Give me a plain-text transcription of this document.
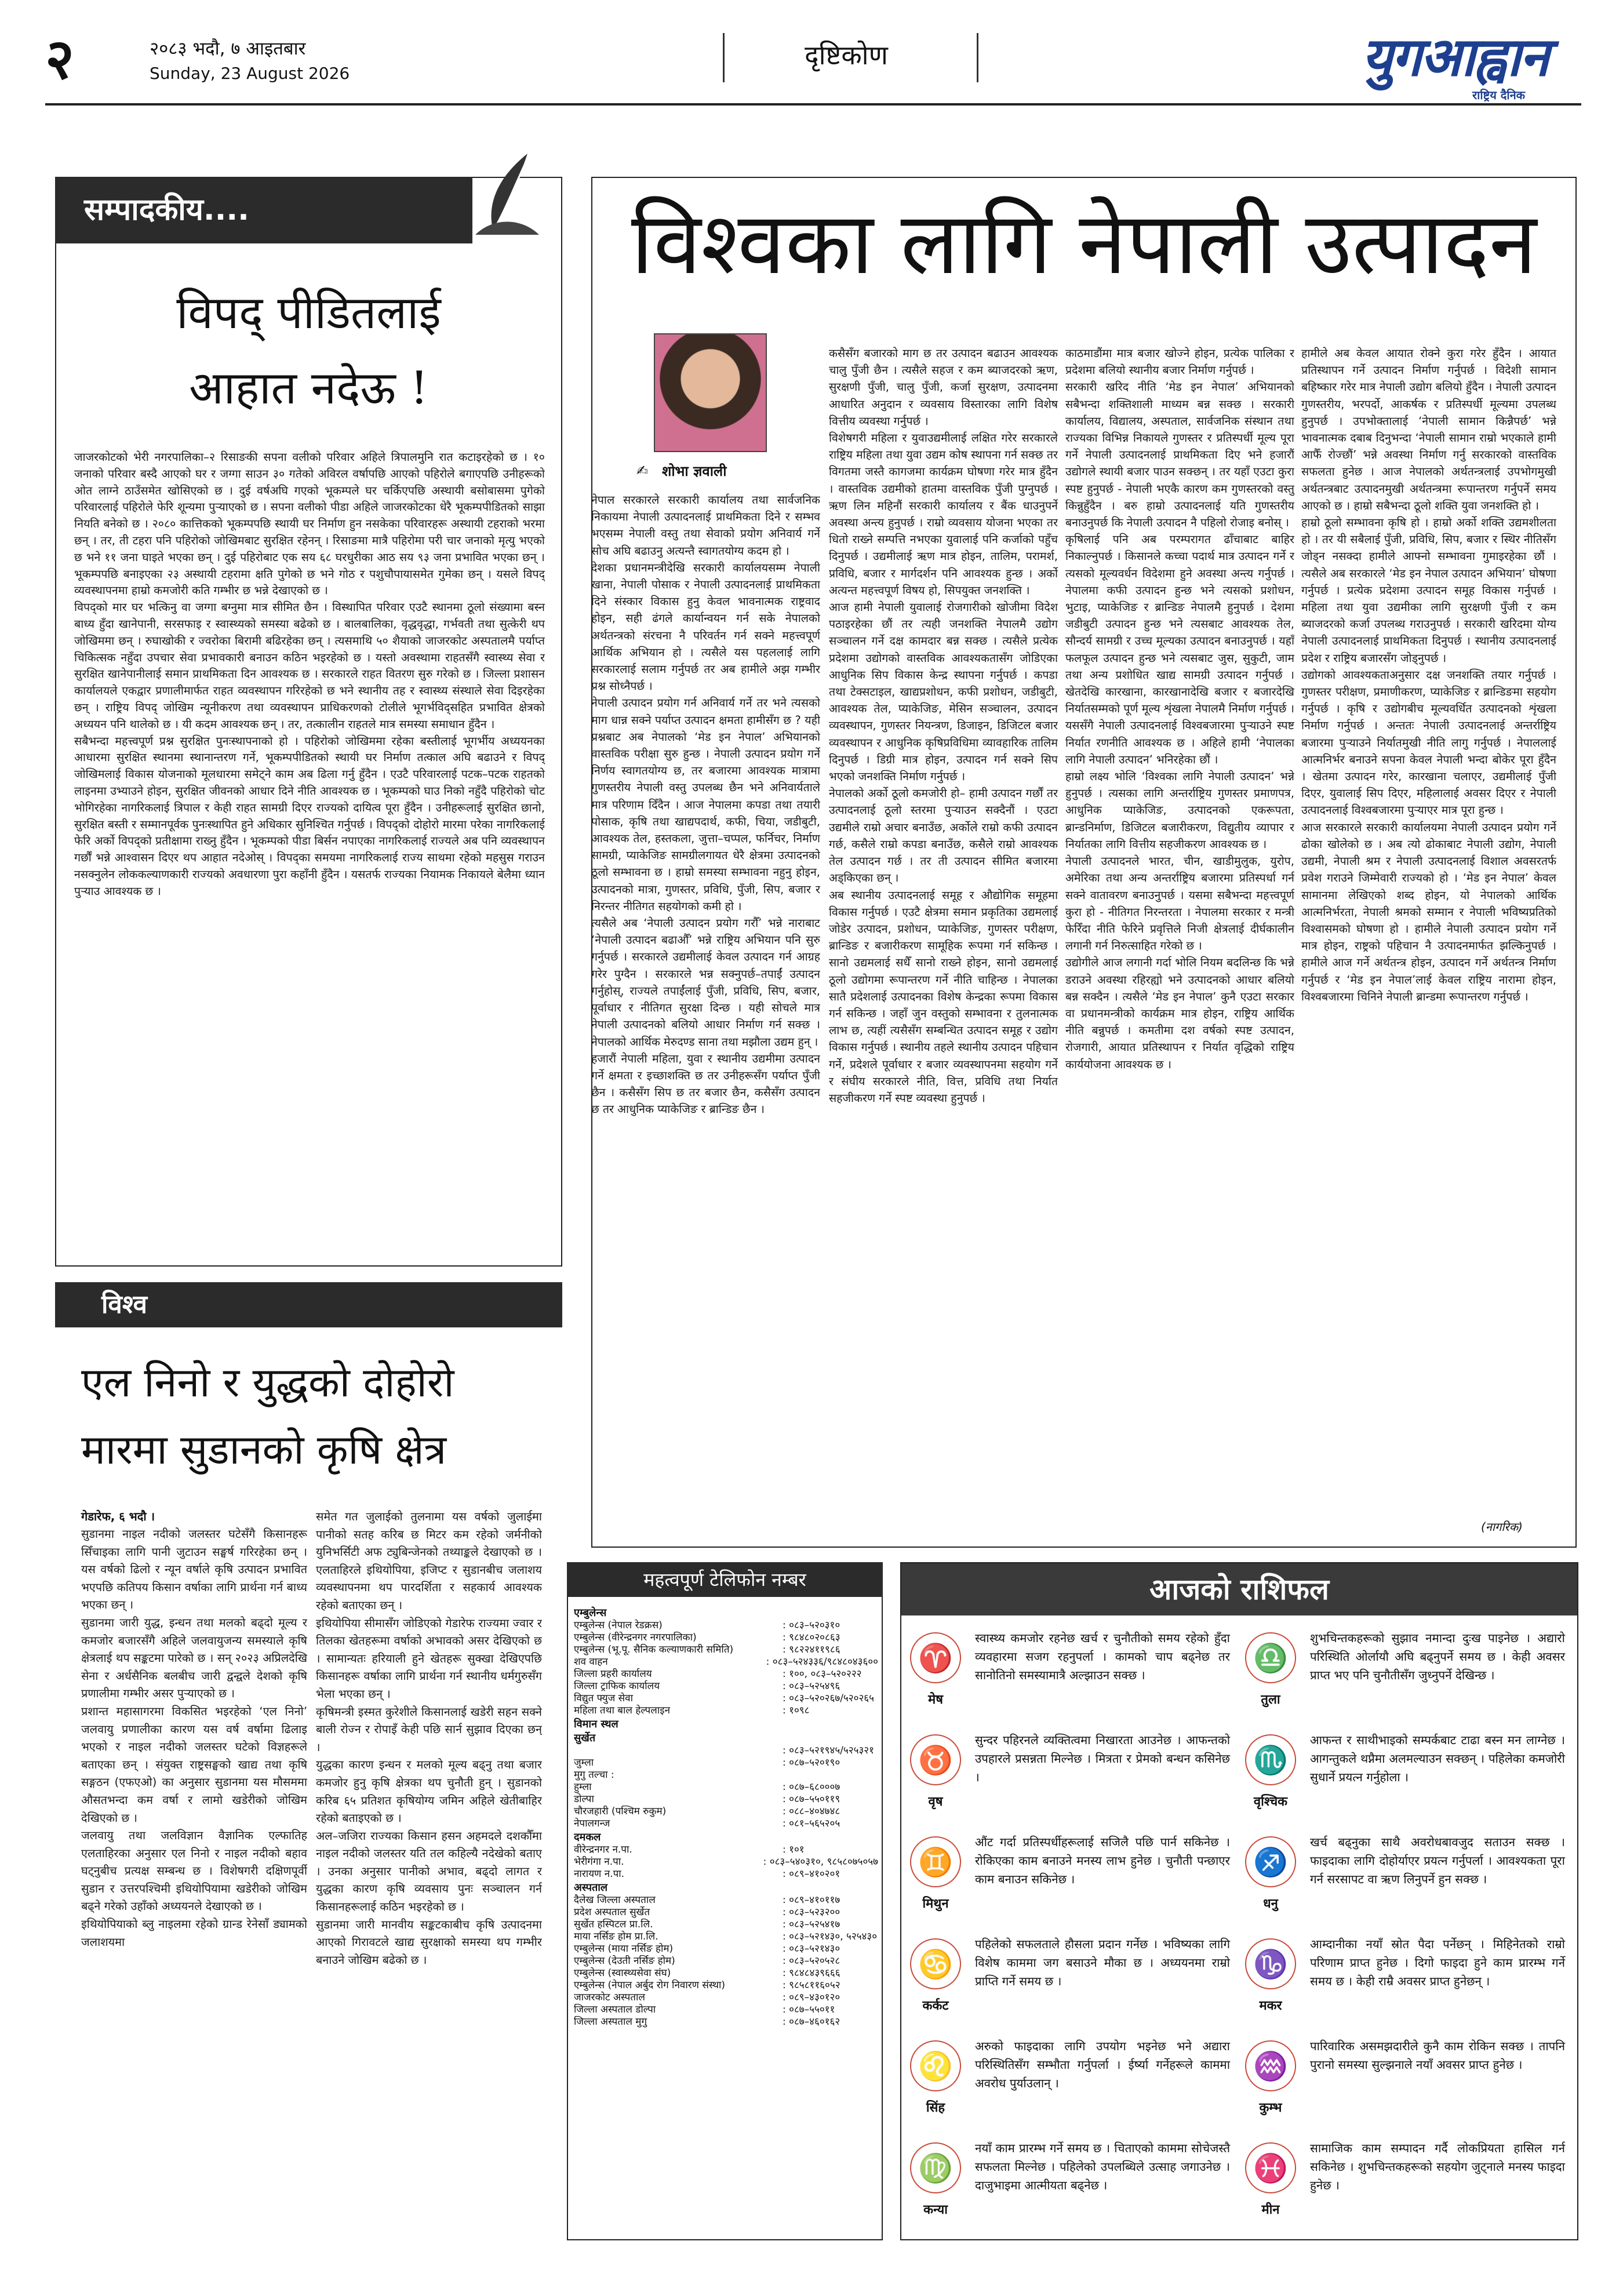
२	२०८३ भदौ, ७ आइतबार
Sunday, 23 August 2026
दृष्टिकोण	युगआह्वान
राष्ट्रिय दैनिक
सम्पादकीय....
विपद् पीडितलाई
आहात नदेऊ !
जाजरकोटको भेरी नगरपालिका–२ रिसाङकी सपना वलीको परिवार अहिले त्रिपालमुनि रात कटाइरहेको छ । १० जनाको परिवार बस्दै आएको घर र जग्गा साउन ३० गतेको अविरल वर्षापछि आएको पहिरोले बगाएपछि उनीहरूको ओत लाग्ने ठाउँसमेत खोसिएको छ । दुई वर्षअघि गएको भूकम्पले घर चर्किएपछि अस्थायी बसोबासमा पुगेको परिवारलाई पहिरोले फेरि शून्यमा पुऱ्याएको छ । सपना वलीको पीडा अहिले जाजरकोटका धेरै भूकम्पपीडितको साझा नियति बनेको छ । २०८० कात्तिकको भूकम्पपछि स्थायी घर निर्माण हुन नसकेका परिवारहरू अस्थायी टहराको भरमा छन् । तर, ती टहरा पनि पहिरोको जोखिमबाट सुरक्षित रहेनन् । रिसाङमा मात्रै पहिरोमा परी चार जनाको मृत्यु भएको छ भने ११ जना घाइते भएका छन् । दुई पहिरोबाट एक सय ६८ घरधुरीका आठ सय ९३ जना प्रभावित भएका छन् । भूकम्पपछि बनाइएका २३ अस्थायी टहरामा क्षति पुगेको छ भने गोठ र पशुचौपायासमेत गुमेका छन् । यसले विपद् व्यवस्थापनमा हाम्रो कमजोरी कति गम्भीर छ भन्ने देखाएको छ ।
विपद्को मार घर भत्किनु वा जग्गा बग्नुमा मात्र सीमित छैन । विस्थापित परिवार एउटै स्थानमा ठूलो संख्यामा बस्न बाध्य हुँदा खानेपानी, सरसफाइ र स्वास्थ्यको समस्या बढेको छ । बालबालिका, वृद्धवृद्धा, गर्भवती तथा सुत्केरी थप जोखिममा छन् । रुघाखोकी र ज्वरोका बिरामी बढिरहेका छन् । त्यसमाथि ५० शैयाको जाजरकोट अस्पतालमै पर्याप्त चिकित्सक नहुँदा उपचार सेवा प्रभावकारी बनाउन कठिन भइरहेको छ । यस्तो अवस्थामा राहतसँगै स्वास्थ्य सेवा र सुरक्षित खानेपानीलाई समान प्राथमिकता दिन आवश्यक छ । सरकारले राहत वितरण सुरु गरेको छ । जिल्ला प्रशासन कार्यालयले एकद्वार प्रणालीमार्फत राहत व्यवस्थापन गरिरहेको छ भने स्थानीय तह र स्वास्थ्य संस्थाले सेवा दिइरहेका छन् । राष्ट्रिय विपद् जोखिम न्यूनीकरण तथा व्यवस्थापन प्राधिकरणको टोलीले भूगर्भविद्सहित प्रभावित क्षेत्रको अध्ययन पनि थालेको छ । यी कदम आवश्यक छन् । तर, तत्कालीन राहतले मात्र समस्या समाधान हुँदैन ।
सबैभन्दा महत्त्वपूर्ण प्रश्न सुरक्षित पुनःस्थापनाको हो । पहिरोको जोखिममा रहेका बस्तीलाई भूगर्भीय अध्ययनका आधारमा सुरक्षित स्थानमा स्थानान्तरण गर्ने, भूकम्पपीडितको स्थायी घर निर्माण तत्काल अघि बढाउने र विपद् जोखिमलाई विकास योजनाको मूलधारमा समेट्ने काम अब ढिला गर्नु हुँदैन । एउटै परिवारलाई पटक–पटक राहतको लाइनमा उभ्याउने होइन, सुरक्षित जीवनको आधार दिने नीति आवश्यक छ । भूकम्पको घाउ निको नहुँदै पहिरोको चोट भोगिरहेका नागरिकलाई त्रिपाल र केही राहत सामग्री दिएर राज्यको दायित्व पूरा हुँदैन । उनीहरूलाई सुरक्षित छानो, सुरक्षित बस्ती र सम्मानपूर्वक पुनःस्थापित हुने अधिकार सुनिश्चित गर्नुपर्छ । विपद्को दोहोरो मारमा परेका नागरिकलाई फेरि अर्को विपद्को प्रतीक्षामा राख्नु हुँदैन । भूकम्पको पीडा बिर्सन नपाएका नागरिकलाई राज्यले अब पनि व्यवस्थापन गर्छौं भन्ने आश्वासन दिएर थप आहात नदेओस् । विपद्का समयमा नागरिकलाई राज्य साथमा रहेको महसुस गराउन नसक्नुलेन लोककल्याणकारी राज्यको अवधारणा पुरा कहाँनी हुँदैन । यसतर्फ राज्यका नियामक निकायले बेलैमा ध्यान पुऱ्याउ आवश्यक छ ।
विश्व
एल निनो र युद्धको दोहोरो
मारमा सुडानको कृषि क्षेत्र
गेडारेफ, ६ भदौ ।
सुडानमा नाइल नदीको जलस्तर घटेसँगै किसानहरू सिँचाइका लागि पानी जुटाउन सङ्घर्ष गरिरहेका छन् । यस वर्षको ढिलो र न्यून वर्षाले कृषि उत्पादन प्रभावित भएपछि कतिपय किसान वर्षाका लागि प्रार्थना गर्न बाध्य भएका छन् ।
सुडानमा जारी युद्ध, इन्धन तथा मलको बढ्दो मूल्य र कमजोर बजारसँगै अहिले जलवायुजन्य समस्याले कृषि क्षेत्रलाई थप सङ्कटमा पारेको छ । सन् २०२३ अप्रिलदेखि सेना र अर्धसैनिक बलबीच जारी द्वन्द्वले देशको कृषि प्रणालीमा गम्भीर असर पुऱ्याएको छ ।
प्रशान्त महासागरमा विकसित भइरहेको ‘एल निनो’ जलवायु प्रणालीका कारण यस वर्ष वर्षामा ढिलाइ भएको र नाइल नदीको जलस्तर घटेको विज्ञहरूले बताएका छन् । संयुक्त राष्ट्रसङ्घको खाद्य तथा कृषि सङ्गठन (एफएओ) का अनुसार सुडानमा यस मौसममा औसतभन्दा कम वर्षा र लामो खडेरीको जोखिम देखिएको छ ।
जलवायु तथा जलविज्ञान वैज्ञानिक एल्फातिह एलताहिरका अनुसार एल निनो र नाइल नदीको बहाव घट्नुबीच प्रत्यक्ष सम्बन्ध छ । विशेषगरी दक्षिणपूर्वी सुडान र उत्तरपश्चिमी इथियोपियामा खडेरीको जोखिम बढ्ने गरेको उहाँको अध्ययनले देखाएको छ ।
इथियोपियाको ब्लु नाइलमा रहेको ग्रान्ड रेनेसाँ ड्यामको जलाशयमा
समेत गत जुलाईको तुलनामा यस वर्षको जुलाईमा पानीको सतह करिब छ मिटर कम रहेको जर्मनीको युनिभर्सिटी अफ ट्युबिन्जेनको तथ्याङ्कले देखाएको छ । एलताहिरले इथियोपिया, इजिप्ट र सुडानबीच जलाशय व्यवस्थापनमा थप पारदर्शिता र सहकार्य आवश्यक रहेको बताएका छन् ।
इथियोपिया सीमासँग जोडिएको गेडारेफ राज्यमा ज्वार र तिलका खेतहरूमा वर्षाको अभावको असर देखिएको छ । सामान्यतः हरियाली हुने खेतहरू सुक्खा देखिएपछि किसानहरू वर्षाका लागि प्रार्थना गर्न स्थानीय धर्मगुरुसँग भेला भएका छन् ।
कृषिमन्त्री इस्मत कुरेशीले किसानलाई खडेरी सहन सक्ने बाली रोज्न र रोपाइँ केही पछि सार्न सुझाव दिएका छन् ।
युद्धका कारण इन्धन र मलको मूल्य बढ्नु तथा बजार कमजोर हुनु कृषि क्षेत्रका थप चुनौती हुन् । सुडानको करिब ६५ प्रतिशत कृषियोग्य जमिन अहिले खेतीबाहिर रहेको बताइएको छ ।
अल–जजिरा राज्यका किसान हसन अहमदले दशकौँमा नाइल नदीको जलस्तर यति तल कहिल्यै नदेखेको बताए । उनका अनुसार पानीको अभाव, बढ्दो लागत र युद्धका कारण कृषि व्यवसाय पुनः सञ्चालन गर्न किसानहरूलाई कठिन भइरहेको छ ।
सुडानमा जारी मानवीय सङ्कटकाबीच कृषि उत्पादनमा आएको गिरावटले खाद्य सुरक्षाको समस्या थप गम्भीर बनाउने जोखिम बढेको छ ।
विश्वका लागि नेपाली उत्पादन
✍ शोभा ज्ञवाली
नेपाल सरकारले सरकारी कार्यालय तथा सार्वजनिक निकायमा नेपाली उत्पादनलाई प्राथमिकता दिने र सम्भव भएसम्म नेपाली वस्तु तथा सेवाको प्रयोग अनिवार्य गर्ने सोच अघि बढाउनु अत्यन्तै स्वागतयोग्य कदम हो ।
देशका प्रधानमन्त्रीदेखि सरकारी कार्यालयसम्म नेपाली खाना, नेपाली पोसाक र नेपाली उत्पादनलाई प्राथमिकता दिने संस्कार विकास हुनु केवल भावनात्मक राष्ट्रवाद होइन, सही ढंगले कार्यान्वयन गर्न सके नेपालको अर्थतन्त्रको संरचना नै परिवर्तन गर्न सक्ने महत्त्वपूर्ण आर्थिक अभियान हो । त्यसैले यस पहललाई लागि सरकारलाई सलाम गर्नुपर्छ तर अब हामीले अझ गम्भीर प्रश्न सोध्नैपर्छ ।
नेपाली उत्पादन प्रयोग गर्न अनिवार्य गर्ने तर भने त्यसको माग धान्न सक्ने पर्याप्त उत्पादन क्षमता हामीसँग छ ? यही प्रश्नबाट अब नेपालको ‘मेड इन नेपाल’ अभियानको वास्तविक परीक्षा सुरु हुन्छ । नेपाली उत्पादन प्रयोग गर्ने निर्णय स्वागतयोग्य छ, तर बजारमा आवश्यक मात्रामा गुणस्तरीय नेपाली वस्तु उपलब्ध छैन भने अनिवार्यताले मात्र परिणाम दिँदैन । आज नेपालमा कपडा तथा तयारी पोसाक, कृषि तथा खाद्यपदार्थ, कफी, चिया, जडीबुटी, आवश्यक तेल, हस्तकला, जुत्ता–चप्पल, फर्निचर, निर्माण सामग्री, प्याकेजिङ सामग्रीलगायत धेरै क्षेत्रमा उत्पादनको ठूलो सम्भावना छ । हाम्रो समस्या सम्भावना नहुनु होइन, उत्पादनको मात्रा, गुणस्तर, प्रविधि, पुँजी, सिप, बजार र निरन्तर नीतिगत सहयोगको कमी हो ।
त्यसैले अब ‘नेपाली उत्पादन प्रयोग गरौँ’ भन्ने नाराबाट ‘नेपाली उत्पादन बढाऔँ’ भन्ने राष्ट्रिय अभियान पनि सुरु गर्नुपर्छ । सरकारले उद्यमीलाई केवल उत्पादन गर्न आग्रह गरेर पुग्दैन । सरकारले भन्न सक्नुपर्छ–तपाईं उत्पादन गर्नुहोस्, राज्यले तपाईंलाई पुँजी, प्रविधि, सिप, बजार, पूर्वाधार र नीतिगत सुरक्षा दिन्छ । यही सोचले मात्र नेपाली उत्पादनको बलियो आधार निर्माण गर्न सक्छ । नेपालको आर्थिक मेरुदण्ड साना तथा मझौला उद्यम हुन् ।
हजारौं नेपाली महिला, युवा र स्थानीय उद्यमीमा उत्पादन गर्ने क्षमता र इच्छाशक्ति छ तर उनीहरूसँग पर्याप्त पुँजी छैन । कसैसँग सिप छ तर बजार छैन, कसैसँग उत्पादन छ तर आधुनिक प्याकेजिङ र ब्रान्डिङ छैन ।
कसैसँग बजारको माग छ तर उत्पादन बढाउन आवश्यक चालु पुँजी छैन । त्यसैले सहज र कम ब्याजदरको ऋण, सुरक्षणी पुँजी, चालु पुँजी, कर्जा सुरक्षण, उत्पादनमा आधारित अनुदान र व्यवसाय विस्तारका लागि विशेष वित्तीय व्यवस्था गर्नुपर्छ ।
विशेषगरी महिला र युवाउद्यमीलाई लक्षित गरेर सरकारले राष्ट्रिय महिला तथा युवा उद्यम कोष स्थापना गर्न सक्छ तर विगतमा जस्तै कागजमा कार्यक्रम घोषणा गरेर मात्र हुँदैन । वास्तविक उद्यमीको हातमा वास्तविक पुँजी पुग्नुपर्छ । ऋण लिन महिनौं सरकारी कार्यालय र बैंक धाउनुपर्ने अवस्था अन्त्य हुनुपर्छ । राम्रो व्यवसाय योजना भएका तर धितो राख्ने सम्पत्ति नभएका युवालाई पनि कर्जाको पहुँच दिनुपर्छ । उद्यमीलाई ऋण मात्र होइन, तालिम, परामर्श, प्रविधि, बजार र मार्गदर्शन पनि आवश्यक हुन्छ । अर्को अत्यन्त महत्त्वपूर्ण विषय हो, सिपयुक्त जनशक्ति ।
आज हामी नेपाली युवालाई रोजगारीको खोजीमा विदेश पठाइरहेका छौं तर त्यही जनशक्ति नेपालमै उद्योग सञ्चालन गर्ने दक्ष कामदार बन्न सक्छ । त्यसैले प्रत्येक प्रदेशमा उद्योगको वास्तविक आवश्यकतासँग जोडिएका आधुनिक सिप विकास केन्द्र स्थापना गर्नुपर्छ । कपडा तथा टेक्सटाइल, खाद्यप्रशोधन, कफी प्रशोधन, जडीबुटी, आवश्यक तेल, प्याकेजिङ, मेसिन सञ्चालन, उत्पादन व्यवस्थापन, गुणस्तर नियन्त्रण, डिजाइन, डिजिटल बजार व्यवस्थापन र आधुनिक कृषिप्रविधिमा व्यावहारिक तालिम दिनुपर्छ । डिग्री मात्र होइन, उत्पादन गर्न सक्ने सिप भएको जनशक्ति निर्माण गर्नुपर्छ ।
नेपालको अर्को ठूलो कमजोरी हो– हामी उत्पादन गर्छौं तर उत्पादनलाई ठूलो स्तरमा पुऱ्याउन सक्दैनौं । एउटा उद्यमीले राम्रो अचार बनाउँछ, अर्कोले राम्रो कफी उत्पादन गर्छ, कसैले राम्रो कपडा बनाउँछ, कसैले राम्रो आवश्यक तेल उत्पादन गर्छ । तर ती उत्पादन सीमित बजारमा अड्किएका छन् ।
अब स्थानीय उत्पादनलाई समूह र औद्योगिक समूहमा विकास गर्नुपर्छ । एउटै क्षेत्रमा समान प्रकृतिका उद्यमलाई जोडेर उत्पादन, प्रशोधन, प्याकेजिङ, गुणस्तर परीक्षण, ब्रान्डिङ र बजारीकरण सामूहिक रूपमा गर्न सकिन्छ । सानो उद्यमलाई सधैँ सानो राख्ने होइन, सानो उद्यमलाई ठूलो उद्योगमा रूपान्तरण गर्ने नीति चाहिन्छ । नेपालका सातै प्रदेशलाई उत्पादनका विशेष केन्द्रका रूपमा विकास गर्न सकिन्छ । जहाँ जुन वस्तुको सम्भावना र तुलनात्मक लाभ छ, त्यहीं त्यसैसँग सम्बन्धित उत्पादन समूह र उद्योग विकास गर्नुपर्छ । स्थानीय तहले स्थानीय उत्पादन पहिचान गर्ने, प्रदेशले पूर्वाधार र बजार व्यवस्थापनमा सहयोग गर्ने र संघीय सरकारले नीति, वित्त, प्रविधि तथा निर्यात सहजीकरण गर्ने स्पष्ट व्यवस्था हुनुपर्छ ।
काठमाडौंमा मात्र बजार खोज्ने होइन, प्रत्येक पालिका र प्रदेशमा बलियो स्थानीय बजार निर्माण गर्नुपर्छ ।
सरकारी खरिद नीति ‘मेड इन नेपाल’ अभियानको सबैभन्दा शक्तिशाली माध्यम बन्न सक्छ । सरकारी कार्यालय, विद्यालय, अस्पताल, सार्वजनिक संस्थान तथा राज्यका विभिन्न निकायले गुणस्तर र प्रतिस्पर्धी मूल्य पूरा गर्ने नेपाली उत्पादनलाई प्राथमिकता दिए भने हजारौं उद्योगले स्थायी बजार पाउन सक्छन् । तर यहाँ एउटा कुरा स्पष्ट हुनुपर्छ - नेपाली भएकै कारण कम गुणस्तरको वस्तु किन्नुहुँदैन । बरु हाम्रो उत्पादनलाई यति गुणस्तरीय बनाउनुपर्छ कि नेपाली उत्पादन नै पहिलो रोजाइ बनोस् ।
कृषिलाई पनि अब परम्परागत ढाँचाबाट बाहिर निकाल्नुपर्छ । किसानले कच्चा पदार्थ मात्र उत्पादन गर्ने र त्यसको मूल्यवर्धन विदेशमा हुने अवस्था अन्त्य गर्नुपर्छ । नेपालमा कफी उत्पादन हुन्छ भने त्यसको प्रशोधन, भुटाइ, प्याकेजिङ र ब्रान्डिङ नेपालमै हुनुपर्छ । देशमा जडीबुटी उत्पादन हुन्छ भने त्यसबाट आवश्यक तेल, सौन्दर्य सामग्री र उच्च मूल्यका उत्पादन बनाउनुपर्छ । यहाँ फलफूल उत्पादन हुन्छ भने त्यसबाट जुस, सुकुटी, जाम तथा अन्य प्रशोधित खाद्य सामग्री उत्पादन गर्नुपर्छ । खेतदेखि कारखाना, कारखानादेखि बजार र बजारदेखि निर्यातसम्मको पूर्ण मूल्य शृंखला नेपालमै निर्माण गर्नुपर्छ । यससँगै नेपाली उत्पादनलाई विश्वबजारमा पुऱ्याउने स्पष्ट निर्यात रणनीति आवश्यक छ । अहिले हामी ‘नेपालका लागि नेपाली उत्पादन’ भनिरहेका छौं ।
हाम्रो लक्ष्य भोलि ‘विश्वका लागि नेपाली उत्पादन’ भन्ने हुनुपर्छ । त्यसका लागि अन्तर्राष्ट्रिय गुणस्तर प्रमाणपत्र, आधुनिक प्याकेजिङ, उत्पादनको एकरूपता, ब्रान्डनिर्माण, डिजिटल बजारीकरण, विद्युतीय व्यापार र निर्यातका लागि वित्तीय सहजीकरण आवश्यक छ ।
नेपाली उत्पादनले भारत, चीन, खाडीमुलुक, युरोप, अमेरिका तथा अन्य अन्तर्राष्ट्रिय बजारमा प्रतिस्पर्धा गर्न सक्ने वातावरण बनाउनुपर्छ । यसमा सबैभन्दा महत्त्वपूर्ण कुरा हो - नीतिगत निरन्तरता । नेपालमा सरकार र मन्त्री फेरिँदा नीति फेरिने प्रवृत्तिले निजी क्षेत्रलाई दीर्घकालीन लगानी गर्न निरुत्साहित गरेको छ ।
उद्योगीले आज लगानी गर्दा भोलि नियम बदलिन्छ कि भन्ने डराउने अवस्था रहिरह्यो भने उत्पादनको आधार बलियो बन्न सक्दैन । त्यसैले ‘मेड इन नेपाल’ कुनै एउटा सरकार वा प्रधानमन्त्रीको कार्यक्रम मात्र होइन, राष्ट्रिय आर्थिक नीति बन्नुपर्छ । कमतीमा दश वर्षको स्पष्ट उत्पादन, रोजगारी, आयात प्रतिस्थापन र निर्यात वृद्धिको राष्ट्रिय कार्ययोजना आवश्यक छ ।
हामीले अब केवल आयात रोक्ने कुरा गरेर हुँदैन । आयात प्रतिस्थापन गर्ने उत्पादन निर्माण गर्नुपर्छ । विदेशी सामान बहिष्कार गरेर मात्र नेपाली उद्योग बलियो हुँदैन । नेपाली उत्पादन गुणस्तरीय, भरपर्दो, आकर्षक र प्रतिस्पर्धी मूल्यमा उपलब्ध हुनुपर्छ । उपभोक्तालाई ‘नेपाली सामान किन्नैपर्छ’ भन्ने भावनात्मक दबाब दिनुभन्दा ‘नेपाली सामान राम्रो भएकाले हामी आफैँ रोज्छौं’ भन्ने अवस्था निर्माण गर्नु सरकारको वास्तविक सफलता हुनेछ । आज नेपालको अर्थतन्त्रलाई उपभोगमुखी अर्थतन्त्रबाट उत्पादनमुखी अर्थतन्त्रमा रूपान्तरण गर्नुपर्ने समय आएको छ । हाम्रो सबैभन्दा ठूलो शक्ति युवा जनशक्ति हो ।
हाम्रो ठूलो सम्भावना कृषि हो । हाम्रो अर्को शक्ति उद्यमशीलता हो । तर यी सबैलाई पुँजी, प्रविधि, सिप, बजार र स्थिर नीतिसँग जोड्न नसक्दा हामीले आफ्नो सम्भावना गुमाइरहेका छौं । त्यसैले अब सरकारले ‘मेड इन नेपाल उत्पादन अभियान’ घोषणा गर्नुपर्छ । प्रत्येक प्रदेशमा उत्पादन समूह विकास गर्नुपर्छ । महिला तथा युवा उद्यमीका लागि सुरक्षणी पुँजी र कम ब्याजदरको कर्जा उपलब्ध गराउनुपर्छ । सरकारी खरिदमा योग्य नेपाली उत्पादनलाई प्राथमिकता दिनुपर्छ । स्थानीय उत्पादनलाई प्रदेश र राष्ट्रिय बजारसँग जोड्नुपर्छ ।
उद्योगको आवश्यकताअनुसार दक्ष जनशक्ति तयार गर्नुपर्छ । गुणस्तर परीक्षण, प्रमाणीकरण, प्याकेजिङ र ब्रान्डिङमा सहयोग गर्नुपर्छ । कृषि र उद्योगबीच मूल्यवर्धित उत्पादनको शृंखला निर्माण गर्नुपर्छ । अन्ततः नेपाली उत्पादनलाई अन्तर्राष्ट्रिय बजारमा पुऱ्याउने निर्यातमुखी नीति लागु गर्नुपर्छ । नेपाललाई आत्मनिर्भर बनाउने सपना केवल नेपाली भन्दा बोकेर पूरा हुँदैन । खेतमा उत्पादन गरेर, कारखाना चलाएर, उद्यमीलाई पुँजी दिएर, युवालाई सिप दिएर, महिलालाई अवसर दिएर र नेपाली उत्पादनलाई विश्वबजारमा पुऱ्याएर मात्र पूरा हुन्छ ।
आज सरकारले सरकारी कार्यालयमा नेपाली उत्पादन प्रयोग गर्ने ढोका खोलेको छ । अब त्यो ढोकाबाट नेपाली उद्योग, नेपाली उद्यमी, नेपाली श्रम र नेपाली उत्पादनलाई विशाल अवसरतर्फ प्रवेश गराउने जिम्मेवारी राज्यको हो । ‘मेड इन नेपाल’ केवल सामानमा लेखिएको शब्द होइन, यो नेपालको आर्थिक आत्मनिर्भरता, नेपाली श्रमको सम्मान र नेपाली भविष्यप्रतिको विश्वासमको घोषणा हो । हामीले नेपाली उत्पादन प्रयोग गर्ने मात्र होइन, राष्ट्रको पहिचान नै उत्पादनमार्फत झल्किनुपर्छ । हामीले आज गर्ने अर्थतन्त्र होइन, उत्पादन गर्ने अर्थतन्त्र निर्माण गर्नुपर्छ र ‘मेड इन नेपाल’लाई केवल राष्ट्रिय नारामा होइन, विश्वबजारमा चिनिने नेपाली ब्रान्डमा रूपान्तरण गर्नुपर्छ ।
(नागरिक)
महत्वपूर्ण टेलिफोन नम्बर
एम्बुलेन्स
एम्बुलेन्स (नेपाल रेडक्रस)	: ०८३–५२०३१०
एम्बुलेन्स (वीरेन्द्रनगर नगरपालिका)	: ९८४८०२०८६३
एम्बुलेन्स (भू.पू. सैनिक कल्याणकारी समिति)	: ९८२२४११९८६
शव वाहन	: ०८३–५२४३३६/९८४८०४३६००
जिल्ला प्रहरी कार्यालय	: १००, ०८३–५२०२२२
जिल्ला ट्राफिक कार्यालय	: ०८३–५२५४९६
विद्युत फ्युज सेवा	: ०८३–५२०२६७/५२०२६५
महिला तथा बाल हेल्पलाइन	: १०९८
विमान स्थल
सुर्खेत
: ०८३–५२१९४५/५२५३२१
जुम्ला	: ०८७–५२०१९०
मुगु तल्चा :
हुम्ला	: ०८७–६८०००७
डोल्पा	: ०८७–५५०११९
चौरजहारी (पश्चिम रुकुम)	: ०८८–४०४७४८
नेपालगन्ज	: ०८१–५६५२०५
दमकल
वीरेन्द्रनगर न.पा.	: १०१
भेरीगंगा न.पा.	: ०८३–५४०३१०, ९८५८०७५०५७
नारायण न.पा.	: ०८९–४१०२०१
अस्पताल
दैलेख जिल्ला अस्पताल	: ०८९–४१०११७
प्रदेश अस्पताल सुर्खेत	: ०८३–५२३२००
सुर्खेत हस्पिटल प्रा.लि.	: ०८३–५२५४१७
माया नर्सिङ होम प्रा.लि.	: ०८३–५२१४३०, ५२५४३०
एम्बुलेन्स (माया नर्सिङ होम)	: ०८३–५२१४३०
एम्बुलेन्स (देउती नर्सिङ होम)	: ०८३–५२०५२८
एम्बुलेन्स (स्वास्थ्यसेवा संघ)	: ९८४८४३९६६६
एम्बुलेन्स (नेपाल अर्बुद रोग निवारण संस्था)	: ९८५८११६०५२
जाजरकोट अस्पताल	: ०८९–४३०१२०
जिल्ला अस्पताल डोल्पा	: ०८७–५५०११
जिल्ला अस्पताल मुगु	: ०८७–४६०१६२
आजको राशिफल
♈
मेष
स्वास्थ्य कमजोर रहनेछ खर्च र चुनौतीको समय रहेको हुँदा व्यवहारमा सजग रहनुपर्ला । कामको चाप बढ्नेछ तर सानोतिनो समस्यामात्रै अल्झाउन सक्छ ।
♎
तुला
शुभचिन्तकहरूको सुझाव नमान्दा दुःख पाइनेछ । अद्यारो परिस्थिति ओर्लायौ अघि बढ्नुपर्ने समय छ । केही अवसर प्राप्त भए पनि चुनौतीसँग जुध्नुपर्ने देखिन्छ ।
♉
वृष
सुन्दर पहिरनले व्यक्तित्वमा निखारता आउनेछ । आफन्तको उपहारले प्रसन्नता मिल्नेछ । मित्रता र प्रेमको बन्धन कसिनेछ ।
♏
वृश्चिक
आफन्त र साथीभाइको सम्पर्कबाट टाढा बस्न मन लाग्नेछ । आगन्तुकले थप्नैमा अलमल्याउन सक्छन् । पहिलेका कमजोरी सुधार्ने प्रयत्न गर्नुहोला ।
♊
मिथुन
औंट गर्दा प्रतिस्पर्धीहरूलाई सजिलै पछि पार्न सकिनेछ । रोकिएका काम बनाउने मनस्य लाभ हुनेछ । चुनौती पन्छाएर काम बनाउन सकिनेछ ।
♐
धनु
खर्च बढ्नुका साथै अवरोधबावजुद सताउन सक्छ । फाइदाका लागि दोहोर्याएर प्रयत्न गर्नुपर्ला । आवश्यकता पूरा गर्न सरसापट वा ऋण लिनुपर्ने हुन सक्छ ।
♋
कर्कट
पहिलेको सफलताले हौसला प्रदान गर्नेछ । भविष्यका लागि विशेष काममा जग बसाउने मौका छ । अध्ययनमा राम्रो प्राप्ति गर्ने समय छ ।
♑
मकर
आम्दानीका नयाँ स्रोत पैदा पर्नेछन् । मिहिनेतको राम्रो परिणाम प्राप्त हुनेछ । दिगो फाइदा हुने काम प्रारम्भ गर्ने समय छ । केही राम्रै अवसर प्राप्त हुनेछन् ।
♌
सिंह
अरुको फाइदाका लागि उपयोग भइनेछ भने अद्यारा परिस्थितिसँग सम्भौता गर्नुपर्ला । ईर्ष्या गर्नेहरूले काममा अवरोध पुर्याउलान् ।
♒
कुम्भ
पारिवारिक असमझदारीले कुनै काम रोकिन सक्छ । तापनि पुरानो समस्या सुल्झनाले नयाँ अवसर प्राप्त हुनेछ ।
♍
कन्या
नयाँ काम प्रारम्भ गर्ने समय छ । चिताएको काममा सोचेजस्तै सफलता मिल्नेछ । पहिलेको उपलब्धिले उत्साह जगाउनेछ । दाजुभाइमा आत्मीयता बढ्नेछ ।
♓
मीन
सामाजिक काम सम्पादन गर्दै लोकप्रियता हासिल गर्न सकिनेछ । शुभचिन्तकहरूको सहयोग जुट्नाले मनस्य फाइदा हुनेछ ।
